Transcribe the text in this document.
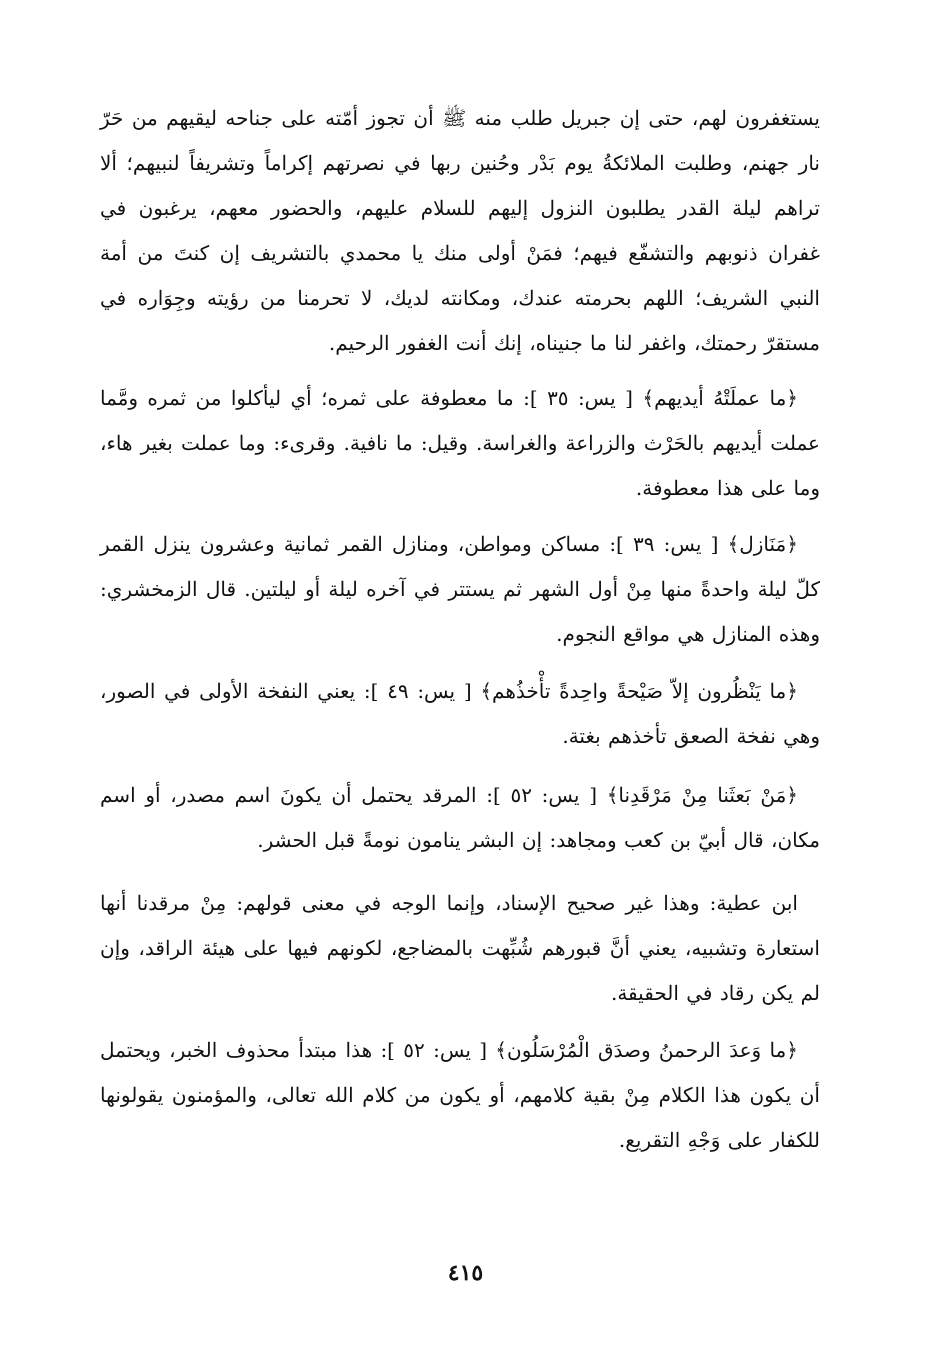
يستغفرون لهم، حتى إن جبريل طلب منه ﷺ أن تجوز أمّته على جناحه ليقيهم من حَرّ نار جهنم، وطلبت الملائكةُ يوم بَدْر وحُنين ربها في نصرتهم إكراماً وتشريفاً لنبيهم؛ ألا تراهم ليلة القدر يطلبون النزول إليهم للسلام عليهم، والحضور معهم، يرغبون في غفران ذنوبهم والتشفّع فيهم؛ فمَنْ أولى منك يا محمدي بالتشريف إن كنتَ من أمة النبي الشريف؛ اللهم بحرمته عندك، ومكانته لديك، لا تحرمنا من رؤيته وجِوَاره في مستقرّ رحمتك، واغفر لنا ما جنيناه، إنك أنت الغفور الرحيم.

﴿ما عملَتْهُ أيديهم﴾ [ يس: ٣٥ ]: ما معطوفة على ثمره؛ أي ليأكلوا من ثمره ومَّما عملت أيديهم بالحَرْث والزراعة والغراسة. وقيل: ما نافية. وقرىء: وما عملت بغير هاء، وما على هذا معطوفة.

﴿مَنَازل﴾ [ يس: ٣٩ ]: مساكن ومواطن، ومنازل القمر ثمانية وعشرون ينزل القمر كلّ ليلة واحدةً منها مِنْ أول الشهر ثم يستتر في آخره ليلة أو ليلتين. قال الزمخشري: وهذه المنازل هي مواقع النجوم.

﴿ما يَنْظُرون إلاّ صَيْحةً واحِدةً تأْخذُهم﴾ [ يس: ٤٩ ]: يعني النفخة الأولى في الصور، وهي نفخة الصعق تأخذهم بغتة.

﴿مَنْ بَعثَنا مِنْ مَرْقَدِنا﴾ [ يس: ٥٢ ]: المرقد يحتمل أن يكونَ اسم مصدر، أو اسم مكان، قال أبيّ بن كعب ومجاهد: إن البشر ينامون نومةً قبل الحشر.

ابن عطية: وهذا غير صحيح الإسناد، وإنما الوجه في معنى قولهم: مِنْ مرقدنا أنها استعارة وتشبيه، يعني أنَّ قبورهم شُبِّهت بالمضاجع، لكونهم فيها على هيئة الراقد، وإن لم يكن رقاد في الحقيقة.

﴿ما وَعدَ الرحمنُ وصدَق الْمُرْسَلُون﴾ [ يس: ٥٢ ]: هذا مبتدأ محذوف الخبر، ويحتمل أن يكون هذا الكلام مِنْ بقية كلامهم، أو يكون من كلام الله تعالى، والمؤمنون يقولونها للكفار على وَجْهِ التقريع.

٤١٥
